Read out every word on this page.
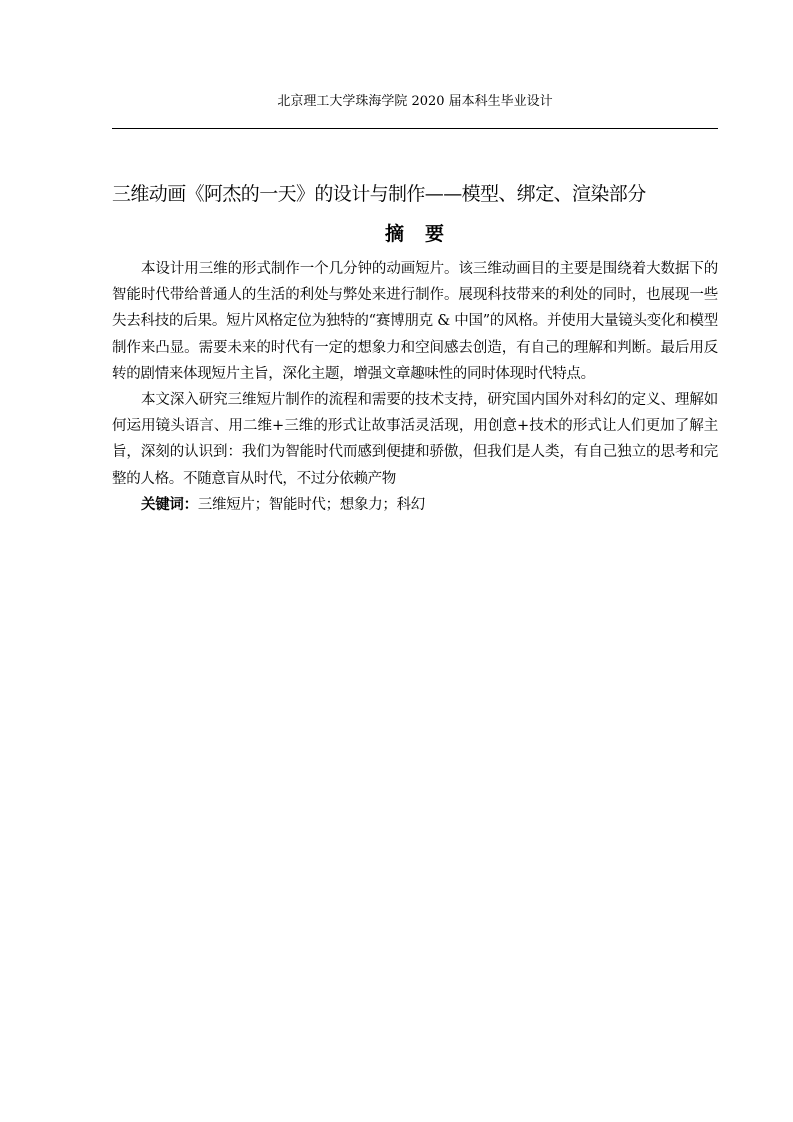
北京理工大学珠海学院 2020 届本科生毕业设计
三维动画《阿杰的一天》的设计与制作——模型、绑定、渲染部分
摘　要

本设计用三维的形式制作一个几分钟的动画短片。该三维动画目的主要是围绕着大数据下的智能时代带给普通人的生活的利处与弊处来进行制作。展现科技带来的利处的同时，也展现一些失去科技的后果。短片风格定位为独特的“赛博朋克 & 中国”的风格。并使用大量镜头变化和模型制作来凸显。需要未来的时代有一定的想象力和空间感去创造，有自己的理解和判断。最后用反转的剧情来体现短片主旨，深化主题，增强文章趣味性的同时体现时代特点。

本文深入研究三维短片制作的流程和需要的技术支持，研究国内国外对科幻的定义、理解如何运用镜头语言、用二维+三维的形式让故事活灵活现，用创意+技术的形式让人们更加了解主旨，深刻的认识到：我们为智能时代而感到便捷和骄傲，但我们是人类，有自己独立的思考和完整的人格。不随意盲从时代，不过分依赖产物

关键词：三维短片；智能时代；想象力；科幻
